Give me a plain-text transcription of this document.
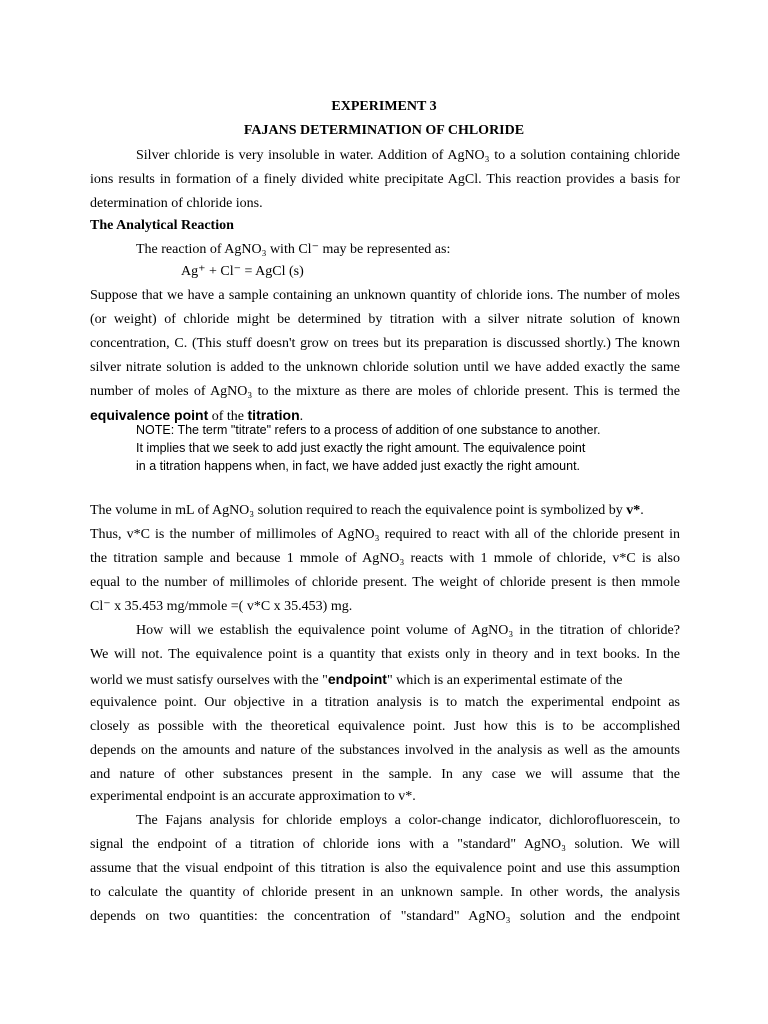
EXPERIMENT 3
FAJANS DETERMINATION OF CHLORIDE

Silver chloride is very insoluble in water. Addition of AgNO₃ to a solution containing chloride

ions results in formation of a finely divided white precipitate AgCl. This reaction provides a basis for

determination of chloride ions.

The Analytical Reaction

The reaction of AgNO₃ with Cl⁻ may be represented as:

Ag⁺ + Cl⁻ = AgCl (s)

Suppose that we have a sample containing an unknown quantity of chloride ions. The number of moles

(or weight) of chloride might be determined by titration with a silver nitrate solution of known

concentration, C. (This stuff doesn't grow on trees but its preparation is discussed shortly.) The known

silver nitrate solution is added to the unknown chloride solution until we have added exactly the same

number of moles of AgNO₃ to the mixture as there are moles of chloride present. This is termed the

equivalence point of the titration.

NOTE: The term "titrate" refers to a process of addition of one substance to another.

It implies that we seek to add just exactly the right amount. The equivalence point

in a titration happens when, in fact, we have added just exactly the right amount.

The volume in mL of AgNO₃ solution required to reach the equivalence point is symbolized by v*.

Thus, v*C is the number of millimoles of AgNO₃ required to react with all of the chloride present in

the titration sample and because 1 mmole of AgNO₃ reacts with 1 mmole of chloride, v*C is also

equal to the number of millimoles of chloride present. The weight of chloride present is then mmole

Cl⁻ x 35.453 mg/mmole =( v*C x 35.453) mg.

How will we establish the equivalence point volume of AgNO₃ in the titration of chloride?

We will not. The equivalence point is a quantity that exists only in theory and in text books. In the

world we must satisfy ourselves with the "endpoint" which is an experimental estimate of the

equivalence point. Our objective in a titration analysis is to match the experimental endpoint as

closely as possible with the theoretical equivalence point. Just how this is to be accomplished

depends on the amounts and nature of the substances involved in the analysis as well as the amounts

and nature of other substances present in the sample. In any case we will assume that the

experimental endpoint is an accurate approximation to v*.

The Fajans analysis for chloride employs a color-change indicator, dichlorofluorescein, to

signal the endpoint of a titration of chloride ions with a "standard" AgNO₃ solution. We will

assume that the visual endpoint of this titration is also the equivalence point and use this assumption

to calculate the quantity of chloride present in an unknown sample. In other words, the analysis

depends on two quantities: the concentration of "standard" AgNO₃ solution and the endpoint
